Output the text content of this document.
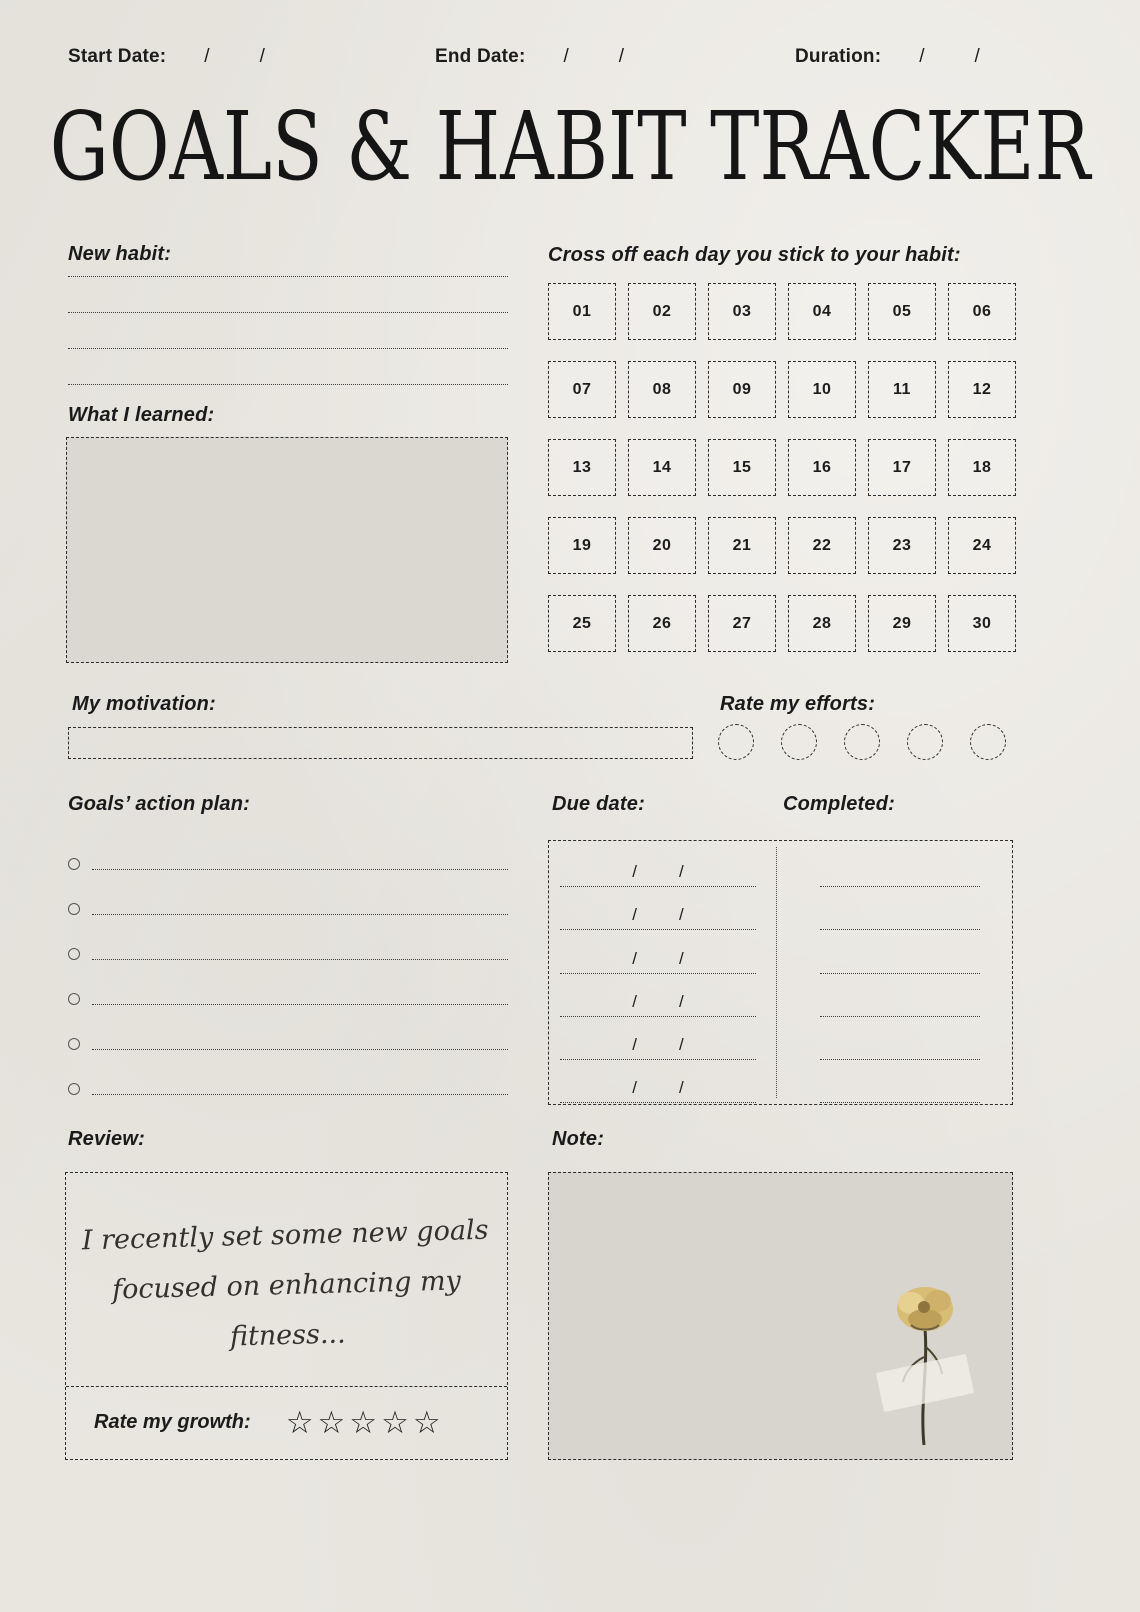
Start Date: /	/	End Date: /	/	Duration: /	/
GOALS & HABIT TRACKER
New habit:
What I learned:
Cross off each day you stick to your habit:
01	02	03	04	05	06
07	08	09	10	11	12
13	14	15	16	17	18
19	20	21	22	23	24
25	26	27	28	29	30
My motivation:	Rate my efforts:
Goals’ action plan:	Due date:	Completed:
/ /
/ /
/ /
/ /
/ /
/ /
Review:
I recently set some new goals
focused on enhancing my fitness...
Rate my growth: ☆ ☆ ☆ ☆ ☆
Note:
